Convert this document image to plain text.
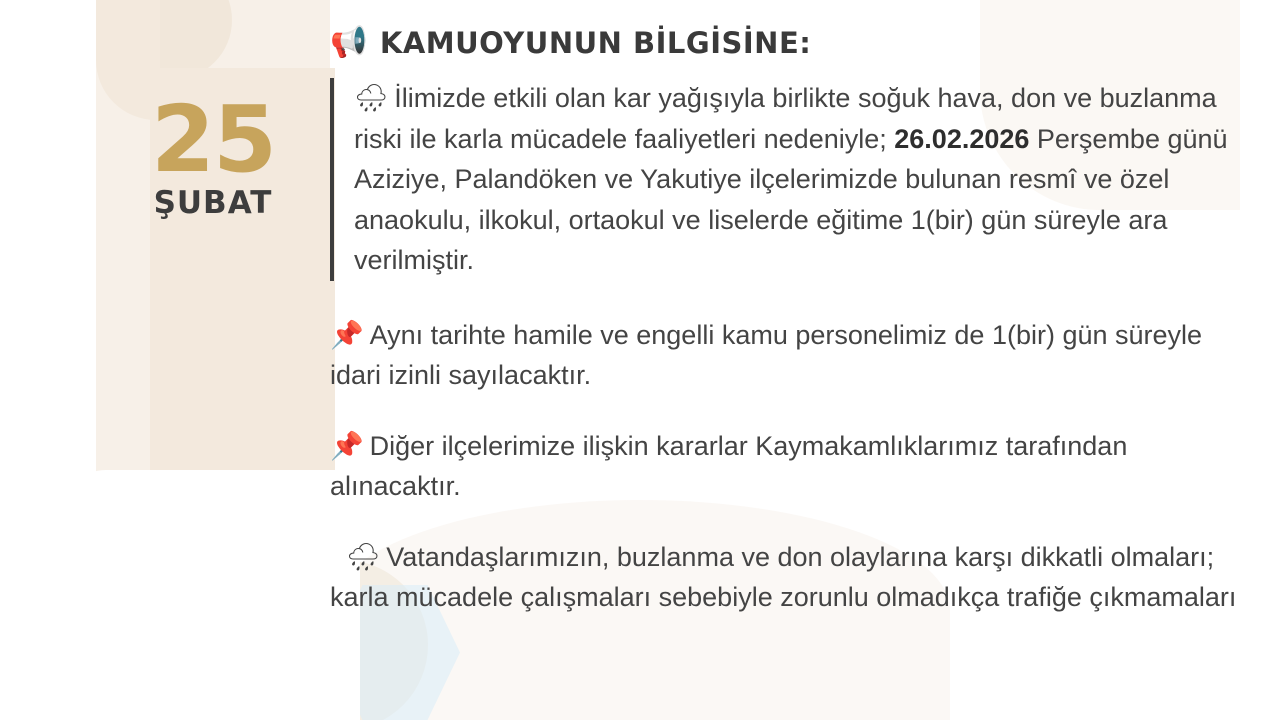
25
ŞUBAT
📢 KAMUOYUNUN BİLGİSİNE:
🌧 İlimizde etkili olan kar yağışıyla birlikte soğuk hava, don ve buzlanma riski ile karla mücadele faaliyetleri nedeniyle; 26.02.2026 Perşembe günü Aziziye, Palandöken ve Yakutiye ilçelerimizde bulunan resmî ve özel anaokulu, ilkokul, ortaokul ve liselerde eğitime 1(bir) gün süreyle ara verilmiştir.
📌 Aynı tarihte hamile ve engelli kamu personelimiz de 1(bir) gün süreyle idari izinli sayılacaktır.
📌 Diğer ilçelerimize ilişkin kararlar Kaymakamlıklarımız tarafından alınacaktır.
🌧 Vatandaşlarımızın, buzlanma ve don olaylarına karşı dikkatli olmaları; karla mücadele çalışmaları sebebiyle zorunlu olmadıkça trafiğe çıkmamaları
